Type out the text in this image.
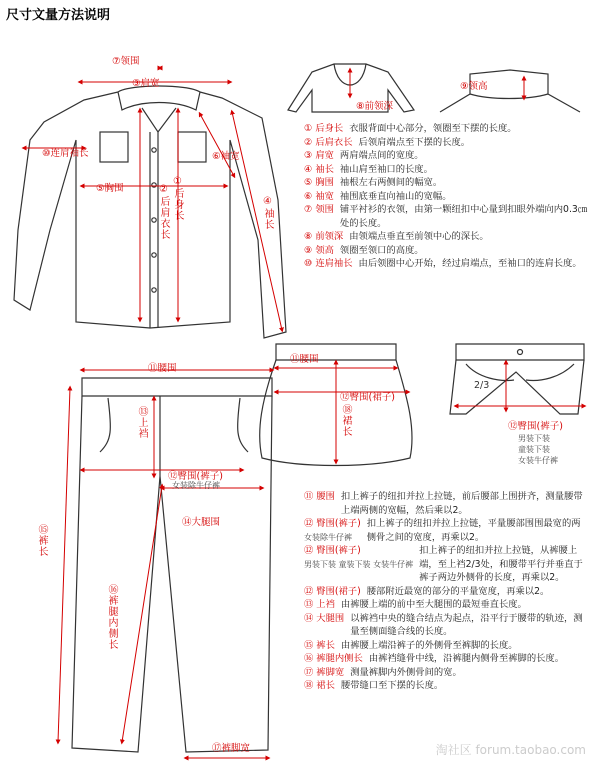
尺寸文量方法说明
⑦领围
③肩宽
⑧前领深
⑨领高
⑩连肩袖长
⑤胸围
⑥袖宽
①后身长
②后肩衣长	④袖长
① 后身长 衣服背面中心部分，领圈至下摆的长度。
② 后肩衣长 后领肩端点至下摆的长度。
③ 肩宽 两肩端点间的宽度。
④ 袖长 袖山肩至袖口的长度。
⑤ 胸围 袖根左右两侧间的幅宽。
⑥ 袖宽 袖围底垂直向袖山的宽幅。
⑦ 领围 铺平衬衫的衣领，由第一颗纽扣中心量到扣眼外端向内0.3㎝处的长度。
⑧ 前领深 由领端点垂直至前领中心的深长。
⑨ 领高 领圈至领口的高度。
⑩ 连肩袖长 由后领圈中心开始，经过肩端点，至袖口的连肩长度。
⑪腰围
⑬上裆
⑫臀围(裤子)
女装除牛仔裤
⑭大腿围
⑮裤长
⑯裤腿内侧长
⑰裤脚宽
⑪腰围
⑫臀围(裙子)
⑱裙长
2/3
⑫臀围(裤子)
男装下装
童装下装
女装牛仔裤
⑪ 腰围 扣上裤子的纽扣并拉上拉链，前后腰部上围拼齐，测量腰带上端两侧的宽幅，然后乘以2。
⑫ 臀围(裤子)
女装除牛仔裤
扣上裤子的纽扣并拉上拉链，平量腰部围围最宽的两侧骨之间的宽度，再乘以2。
⑫ 臀围(裤子)
男装下装 童装下装 女装牛仔裤
扣上裤子的纽扣并拉上拉链，从裤腰上端，至上裆2/3处，和腰带平行并垂直于裤子两边外侧骨的长度，再乘以2。
⑫ 臀围(裙子) 腰部附近最宽的部分的平量宽度，再乘以2。
⑬ 上裆 由裤腰上端的前中至大腿围的最短垂直长度。
⑭ 大腿围 以裤裆中央的缝合结点为起点，沿平行于腰带的轨迹，测量至侧面缝合线的长度。
⑮ 裤长 由裤腰上端沿裤子的外侧骨至裤脚的长度。
⑯ 裤腿内侧长 由裤裆缝骨中线，沿裤腿内侧骨至裤脚的长度。
⑰ 裤脚宽 测量裤脚内外侧骨间的宽。
⑱ 裙长 腰带缝口至下摆的长度。
淘社区 forum.taobao.com
